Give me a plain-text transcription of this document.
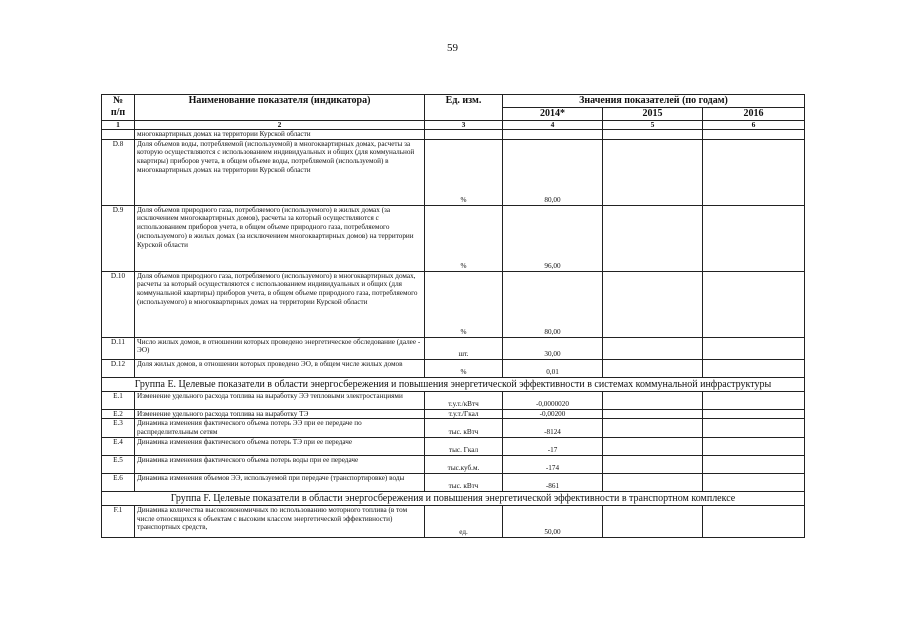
59
№
п/п	Наименование показателя (индикатора)	Ед. изм.	Значения показателей (по годам)		
			2014*	2015	2016
1	2	3	4	5	6
	многоквартирных домах на территории Курской области				
D.8	Доля объемов воды, потребляемой (используемой) в многоквартирных домах, расчеты за которую осуществляются с использованием индивидуальных и общих (для коммунальной квартиры) приборов учета, в общем объеме воды, потребляемой (используемой) в многоквартирных домах на территории Курской области	%	80,00		
D.9	Доля объемов природного газа, потребляемого (используемого) в жилых домах (за исключением многоквартирных домов), расчеты за который осуществляются с использованием приборов учета, в общем объеме природного газа, потребляемого (используемого) в жилых домах (за исключением многоквартирных домов) на территории Курской области	%	96,00		
D.10	Доля объемов природного газа, потребляемого (используемого) в многоквартирных домах, расчеты за который осуществляются с использованием индивидуальных и общих (для коммунальной квартиры) приборов учета, в общем объеме природного газа, потребляемого (используемого) в многоквартирных домах на территории Курской области	%	80,00		
D.11	Число жилых домов, в отношении которых проведено энергетическое обследование (далее - ЭО)	шт.	30,00		
D.12	Доля жилых домов, в отношении которых проведено ЭО, в общем числе жилых домов	%	0,01		
Группа Е. Целевые показатели в области энергосбережения и повышения энергетической эффективности в системах коммунальной инфраструктуры					
E.1	Изменение удельного расхода топлива на выработку ЭЭ тепловыми электростанциями	т.у.т./кВтч	-0,0000020		
E.2	Изменение удельного расхода топлива на выработку ТЭ	т.у.т./Гкал	-0,00200		
E.3	Динамика изменения фактического объема потерь ЭЭ при ее передаче по распределительным сетям	тыс. кВтч	-8124		
E.4	Динамика изменения фактического объема потерь ТЭ при ее передаче	тыс. Гкал	-17		
E.5	Динамика изменения фактического объема потерь воды при ее передаче	тыс.куб.м.	-174		
E.6	Динамика изменения объемов ЭЭ, используемой при передаче (транспортировке) воды	тыс. кВтч	-861		
Группа F. Целевые показатели в области энергосбережения и повышения энергетической эффективности в транспортном комплексе					
F.1	Динамика количества высокоэкономичных по использованию моторного топлива (в том числе относящихся к объектам с высоким классом энергетической эффективности) транспортных средств,	ед.	50,00		
